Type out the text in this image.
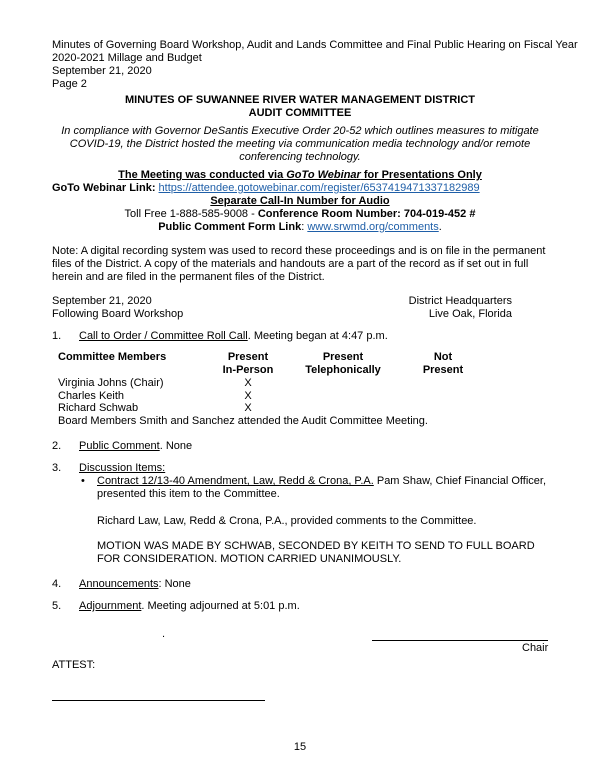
Minutes of Governing Board Workshop, Audit and Lands Committee and Final Public Hearing on Fiscal Year
2020-2021 Millage and Budget
September 21, 2020
Page 2
MINUTES OF SUWANNEE RIVER WATER MANAGEMENT DISTRICT
AUDIT COMMITTEE
In compliance with Governor DeSantis Executive Order 20-52 which outlines measures to mitigate COVID-19, the District hosted the meeting via communication media technology and/or remote conferencing technology.
The Meeting was conducted via GoTo Webinar for Presentations Only
GoTo Webinar Link: https://attendee.gotowebinar.com/register/6537419471337182989
Separate Call-In Number for Audio
Toll Free 1-888-585-9008 - Conference Room Number: 704-019-452 #
Public Comment Form Link: www.srwmd.org/comments.
Note: A digital recording system was used to record these proceedings and is on file in the permanent files of the District. A copy of the materials and handouts are a part of the record as if set out in full herein and are filed in the permanent files of the District.
September 21, 2020	District Headquarters
Following Board Workshop	Live Oak, Florida
1.	Call to Order / Committee Roll Call. Meeting began at 4:47 p.m.
Committee Members	Present	Present	Not
	In-Person	Telephonically	Present
Virginia Johns (Chair)	X		
Charles Keith	X		
Richard Schwab	X		
Board Members Smith and Sanchez attended the Audit Committee Meeting.
2.	Public Comment. None
3.	Discussion Items:
• Contract 12/13-40 Amendment, Law, Redd & Crona, P.A. Pam Shaw, Chief Financial Officer, presented this item to the Committee.
Richard Law, Law, Redd & Crona, P.A., provided comments to the Committee.
MOTION WAS MADE BY SCHWAB, SECONDED BY KEITH TO SEND TO FULL BOARD FOR CONSIDERATION. MOTION CARRIED UNANIMOUSLY.
4.	Announcements: None
5.	Adjournment. Meeting adjourned at 5:01 p.m.
.
Chair
ATTEST:
15
